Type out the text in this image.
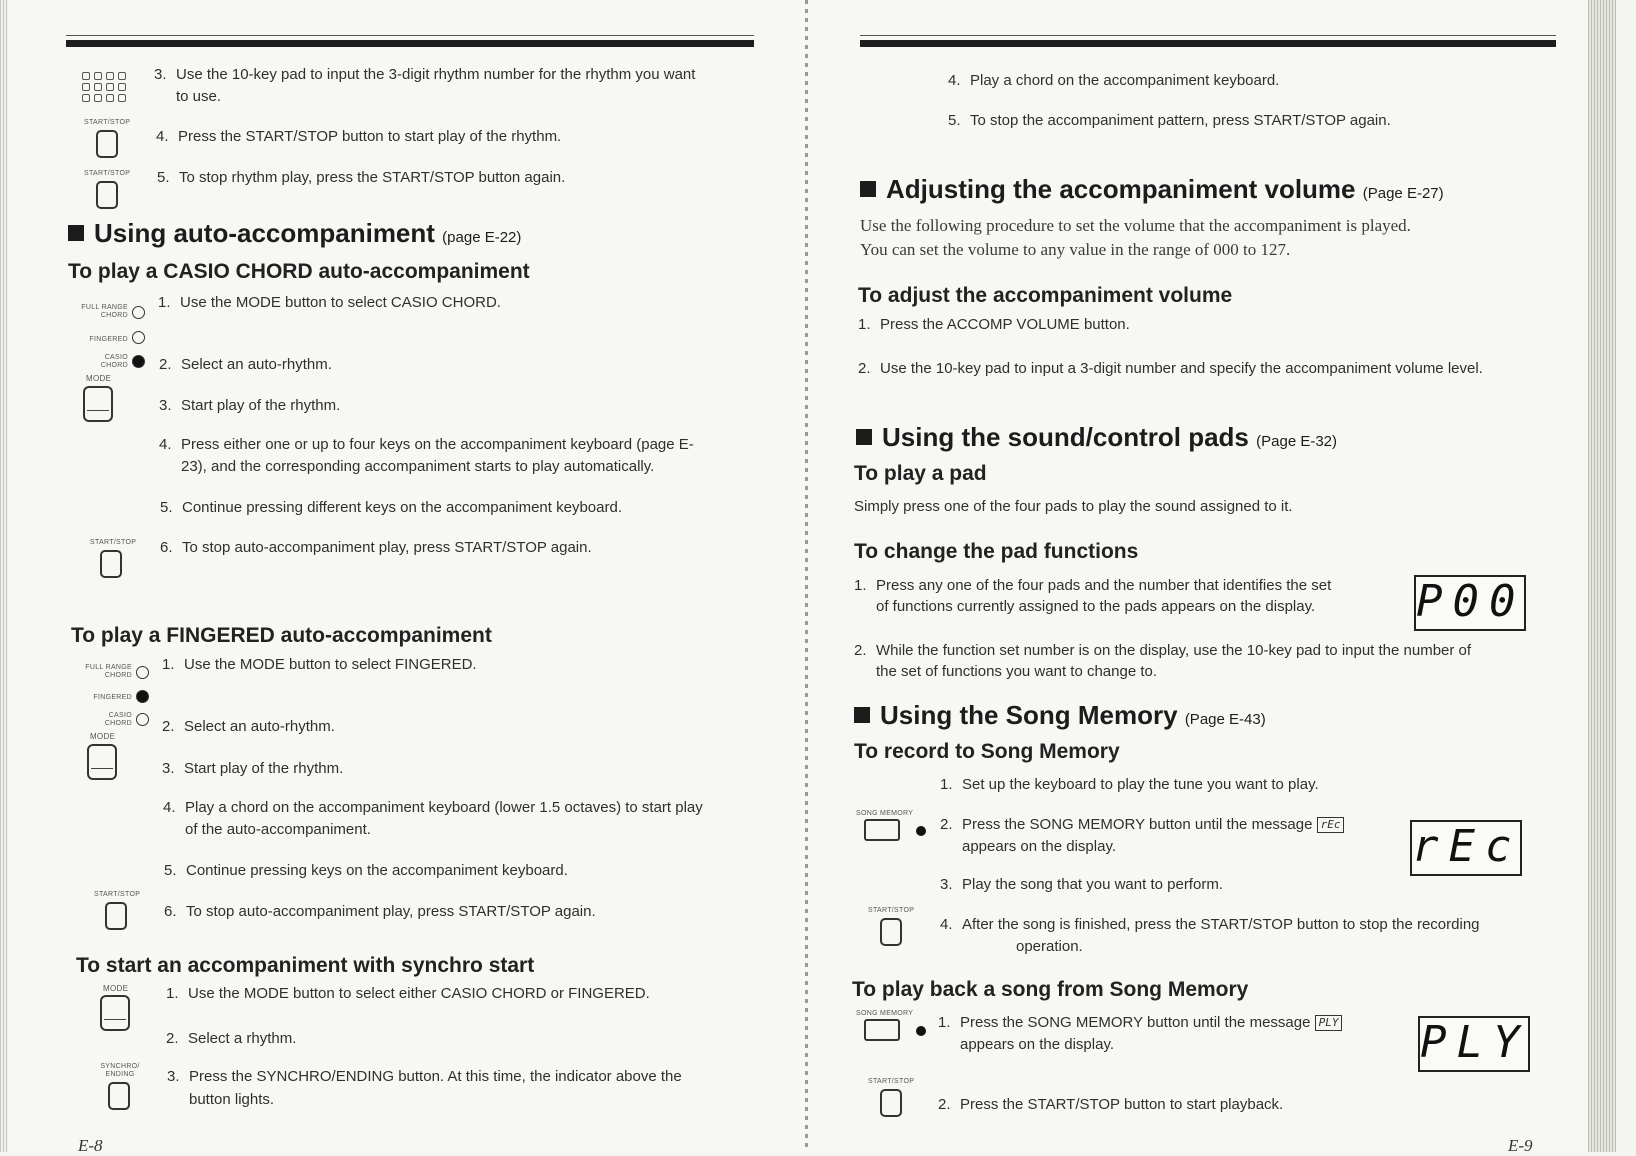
3. Use the 10-key pad to input the 3-digit rhythm number for the rhythm you want
to use.
START/STOP
4. Press the START/STOP button to start play of the rhythm.
START/STOP 5. To stop rhythm play, press the START/STOP button again.
Using auto-accompaniment (page E-22)
To play a CASIO CHORD auto-accompaniment
FULL RANGE
CHORD
FINGERED
CASIO
CHORD
MODE
1. Use the MODE button to select CASIO CHORD.
2. Select an auto-rhythm.
3. Start play of the rhythm.
4. Press either one or up to four keys on the accompaniment keyboard (page E-
23), and the corresponding accompaniment starts to play automatically.
5. Continue pressing different keys on the accompaniment keyboard.
START/STOP 6. To stop auto-accompaniment play, press START/STOP again.
To play a FINGERED auto-accompaniment
FULL RANGE
CHORD
FINGERED
CASIO
CHORD
MODE
1. Use the MODE button to select FINGERED.
2. Select an auto-rhythm.
3. Start play of the rhythm.
4. Play a chord on the accompaniment keyboard (lower 1.5 octaves) to start play
of the auto-accompaniment.
5. Continue pressing keys on the accompaniment keyboard.
START/STOP
6. To stop auto-accompaniment play, press START/STOP again.
To start an accompaniment with synchro start
MODE	1. Use the MODE button to select either CASIO CHORD or FINGERED.
2. Select a rhythm.
SYNCHRO/
ENDING	3. Press the SYNCHRO/ENDING button. At this time, the indicator above the
button lights.
E-8
4. Play a chord on the accompaniment keyboard.
5. To stop the accompaniment pattern, press START/STOP again.
Adjusting the accompaniment volume (Page E-27)
Use the following procedure to set the volume that the accompaniment is played.
You can set the volume to any value in the range of 000 to 127.
To adjust the accompaniment volume
1. Press the ACCOMP VOLUME button.
2. Use the 10-key pad to input a 3-digit number and specify the accompaniment volume level.
Using the sound/control pads (Page E-32)
To play a pad
Simply press one of the four pads to play the sound assigned to it.
To change the pad functions
1. Press any one of the four pads and the number that identifies the set
of functions currently assigned to the pads appears on the display. P00
2. While the function set number is on the display, use the 10-key pad to input the number of
the set of functions you want to change to.
Using the Song Memory (Page E-43)
To record to Song Memory
1. Set up the keyboard to play the tune you want to play.
SONG MEMORY
2. Press the SONG MEMORY button until the message rEc
appears on the display.	rEc
3. Play the song that you want to perform.
START/STOP
4. After the song is finished, press the START/STOP button to stop the recording
operation.
To play back a song from Song Memory
SONG MEMORY
1. Press the SONG MEMORY button until the message PLY
appears on the display.	PLY
START/STOP
2. Press the START/STOP button to start playback.
E-9
